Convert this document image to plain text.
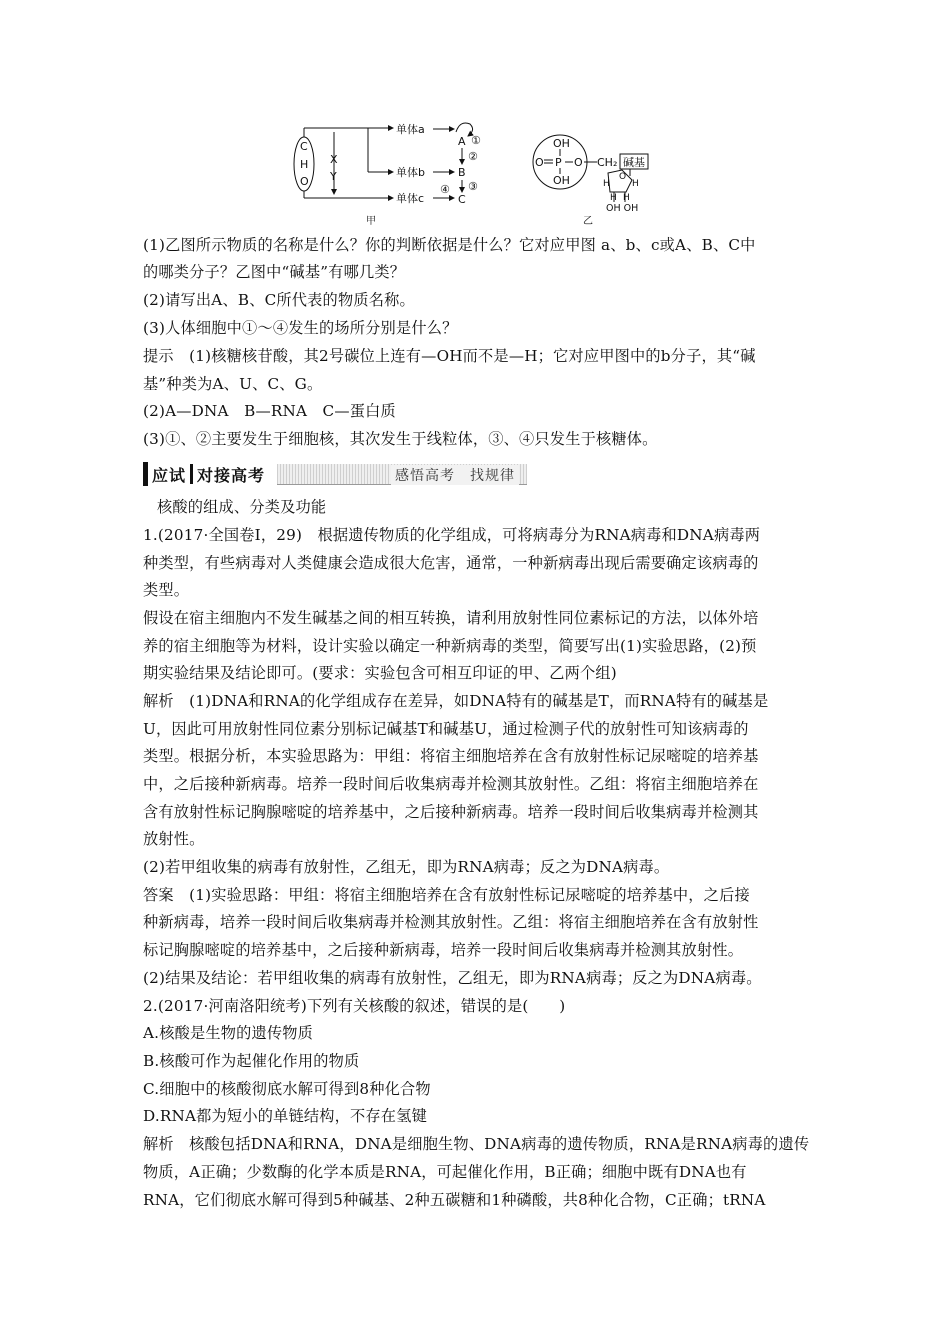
C
H
O
X
Y
单体a
单体b
单体c
④
A ①
②
B
③
C
甲
OH
O P O
OH
CH₂ 碱基
O
H H
H H
OH OH
乙
(1)乙图所示物质的名称是什么？你的判断依据是什么？它对应甲图 a、b、c或A、B、C中
的哪类分子？乙图中“碱基”有哪几类？
(2)请写出A、B、C所代表的物质名称。
(3)人体细胞中①～④发生的场所分别是什么？
提示　(1)核糖核苷酸，其2号碳位上连有—OH而不是—H；它对应甲图中的b分子，其“碱
基”种类为A、U、C、G。
(2)A—DNA　B—RNA　C—蛋白质
(3)①、②主要发生于细胞核，其次发生于线粒体，③、④只发生于核糖体。
应试 对接高考	感悟高考　找规律
核酸的组成、分类及功能
1.(2017·全国卷Ⅰ，29)　根据遗传物质的化学组成，可将病毒分为RNA病毒和DNA病毒两
种类型，有些病毒对人类健康会造成很大危害，通常，一种新病毒出现后需要确定该病毒的
类型。
假设在宿主细胞内不发生碱基之间的相互转换，请利用放射性同位素标记的方法，以体外培
养的宿主细胞等为材料，设计实验以确定一种新病毒的类型，简要写出(1)实验思路，(2)预
期实验结果及结论即可。(要求：实验包含可相互印证的甲、乙两个组)
解析　(1)DNA和RNA的化学组成存在差异，如DNA特有的碱基是T，而RNA特有的碱基是
U，因此可用放射性同位素分别标记碱基T和碱基U，通过检测子代的放射性可知该病毒的
类型。根据分析，本实验思路为：甲组：将宿主细胞培养在含有放射性标记尿嘧啶的培养基
中，之后接种新病毒。培养一段时间后收集病毒并检测其放射性。乙组：将宿主细胞培养在
含有放射性标记胸腺嘧啶的培养基中，之后接种新病毒。培养一段时间后收集病毒并检测其
放射性。
(2)若甲组收集的病毒有放射性，乙组无，即为RNA病毒；反之为DNA病毒。
答案　(1)实验思路：甲组：将宿主细胞培养在含有放射性标记尿嘧啶的培养基中，之后接
种新病毒，培养一段时间后收集病毒并检测其放射性。乙组：将宿主细胞培养在含有放射性
标记胸腺嘧啶的培养基中，之后接种新病毒，培养一段时间后收集病毒并检测其放射性。
(2)结果及结论：若甲组收集的病毒有放射性，乙组无，即为RNA病毒；反之为DNA病毒。
2.(2017·河南洛阳统考)下列有关核酸的叙述，错误的是(　　)
A.核酸是生物的遗传物质
B.核酸可作为起催化作用的物质
C.细胞中的核酸彻底水解可得到8种化合物
D.RNA都为短小的单链结构，不存在氢键
解析　核酸包括DNA和RNA，DNA是细胞生物、DNA病毒的遗传物质，RNA是RNA病毒的遗传
物质，A正确；少数酶的化学本质是RNA，可起催化作用，B正确；细胞中既有DNA也有
RNA，它们彻底水解可得到5种碱基、2种五碳糖和1种磷酸，共8种化合物，C正确；tRNA
